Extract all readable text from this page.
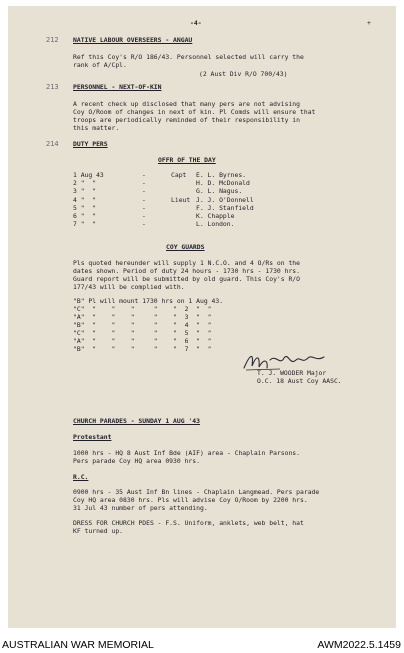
-4-	+
212 NATIVE LABOUR OVERSEERS - ANGAU
Ref this Coy's R/O 186/43. Personnel selected will carry the
rank of A/Cpl.
(2 Aust Div R/O 700/43)
213 PERSONNEL - NEXT-OF-KIN
A recent check up disclosed that many pers are not advising
Coy O/Room of changes in next of kin. Pl Comds will ensure that
troops are periodically reminded of their responsibility in
this matter.
214 DUTY PERS
OFFR OF THE DAY
1 Aug 43	-	Capt E. L. Byrnes.
2 "  "	-	H. D. McDonald
3 "  "	-	G. L. Nagus.
4 "  "	-	Lieut J. J. O'Donnell
5 "  "	-	F. J. Stanfield
6 "  "	-	K. Chapple
7 "  "	-	L. London.
COY GUARDS
Pls quoted hereunder will supply 1 N.C.O. and 4 O/Rs on the
dates shown. Period of duty 24 hours - 1730 hrs - 1730 hrs.
Guard report will be submitted by old guard. This Coy's R/O
177/43 will be complied with.
"B" Pl will mount 1730 hrs on 1 Aug 43.
"C"  "    "    "     "    "  2  "  "
"A"  "    "    "     "    "  3  "  "
"B"  "    "    "     "    "  4  "  "
"C"  "    "    "     "    "  5  "  "
"A"  "    "    "     "    "  6  "  "
"B"  "    "    "     "    "  7  "  "
T. J. WOODER Major
O.C. 18 Aust Coy AASC.
CHURCH PARADES - SUNDAY 1 AUG '43
Protestant
1000 hrs - HQ 8 Aust Inf Bde (AIF) area - Chaplain Parsons.
Pers parade Coy HQ area 0930 hrs.
R.C.
0900 hrs - 35 Aust Inf Bn lines - Chaplain Langmead. Pers parade
Coy HQ area 0830 hrs. Pls will advise Coy O/Room by 2200 hrs.
31 Jul 43 number of pers attending.
DRESS FOR CHURCH PDES - F.S. Uniform, anklets, web belt, hat
KF turned up.
AUSTRALIAN WAR MEMORIAL	AWM2022.5.1459
